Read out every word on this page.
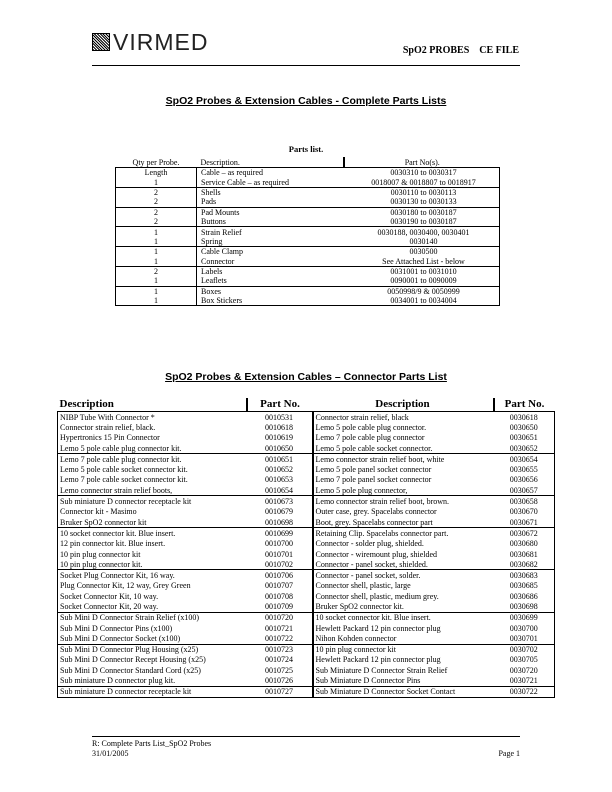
VIRMED	SpO2 PROBES    CE FILE
SpO2 Probes & Extension Cables - Complete Parts Lists
Parts list.
Qty per Probe.	Description.	Part No(s).
Length	Cable – as required	0030310 to 0030317
1	Service Cable – as required	0018007 & 0018807 to 0018917
2	Shells	0030110 to 0030113
2	Pads	0030130 to 0030133
2	Pad Mounts	0030180 to 0030187
2	Buttons	0030190 to 0030187
1	Strain Relief	0030188, 0030400, 0030401
1	Spring	0030140
1	Cable Clamp	0030500
1	Connector	See Attached List - below
2	Labels	0031001 to 0031010
1	Leaflets	0090001 to 0090009
1	Boxes	0050998/9 & 0050999
1	Box Stickers	0034001 to 0034004
SpO2 Probes & Extension Cables – Connector Parts List
Description	Part No.	Description	Part No.
NIBP Tube With Connector *	0010531	Connector strain relief, black	0030618
Connector strain relief, black.	0010618	Lemo 5 pole cable plug connector.	0030650
Hypertronics 15 Pin Connector	0010619	Lemo 7 pole cable plug connector	0030651
Lemo 5 pole cable plug connector kit.	0010650	Lemo 5 pole cable socket connector.	0030652
Lemo 7 pole cable plug connector kit.	0010651	Lemo connector strain relief boot, white	0030654
Lemo 5 pole cable socket connector kit.	0010652	Lemo 5 pole panel socket connector	0030655
Lemo 7 pole cable socket connector kit.	0010653	Lemo 7 pole panel socket connector	0030656
Lemo connector strain relief boots,	0010654	Lemo 5 pole plug connector,	0030657
Sub miniature D connector receptacle kit	0010673	Lemo connector strain relief boot, brown.	0030658
Connector kit - Masimo	0010679	Outer case, grey. Spacelabs connector	0030670
Bruker SpO2 connector kit	0010698	Boot, grey. Spacelabs connector part	0030671
10 socket connector kit. Blue insert.	0010699	Retaining Clip. Spacelabs connector part.	0030672
12 pin connector kit. Blue insert.	0010700	Connector - solder plug, shielded.	0030680
10 pin plug connector kit	0010701	Connector - wiremount plug, shielded	0030681
10 pin plug connector kit.	0010702	Connector - panel socket, shielded.	0030682
Socket Plug Connector Kit, 16 way.	0010706	Connector - panel socket, solder.	0030683
Plug Connector Kit, 12 way, Grey Green	0010707	Connector shell, plastic, large	0030685
Socket Connector Kit, 10 way.	0010708	Connector shell, plastic, medium grey.	0030686
Socket Connector Kit, 20 way.	0010709	Bruker SpO2 connector kit.	0030698
Sub Mini D Connector Strain Relief (x100)	0010720	10 socket connector kit. Blue insert.	0030699
Sub Mini D Connector Pins (x100)	0010721	Hewlett Packard 12 pin connector plug	0030700
Sub Mini D Connector Socket (x100)	0010722	Nihon Kohden connector	0030701
Sub Mini D Connector Plug Housing (x25)	0010723	10 pin plug connector kit	0030702
Sub Mini D Connector Recept Housing (x25)	0010724	Hewlett Packard 12 pin connector plug	0030705
Sub Mini D Connector Standard Cord (x25)	0010725	Sub Miniature D Connector Strain Relief	0030720
Sub miniature D connector plug kit.	0010726	Sub Miniature D Connector Pins	0030721
Sub miniature D connector receptacle kit	0010727	Sub Miniature D Connector Socket Contact	0030722
R: Complete Parts List_SpO2 Probes
31/01/2005	Page 1
